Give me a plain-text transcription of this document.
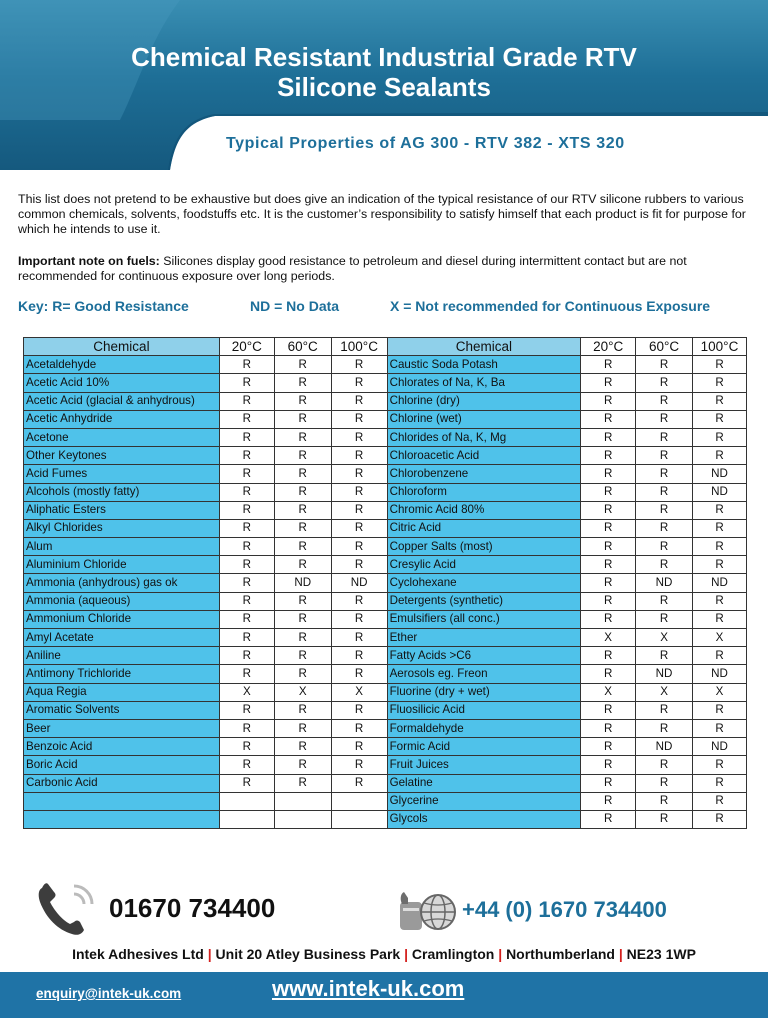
Chemical Resistant Industrial Grade RTV
Silicone Sealants
Typical Properties of AG 300 - RTV 382 - XTS 320

This list does not pretend to be exhaustive but does give an indication of the typical resistance of our RTV silicone rubbers to various common chemicals, solvents, foodstuffs etc. It is the customer’s responsibility to satisfy himself that each product is fit for purpose for which he intends to use it.

Important note on fuels: Silicones display good resistance to petroleum and diesel during intermittent contact but are not recommended for continuous exposure over long periods.

Key: R= Good Resistance	ND = No Data	X = Not recommended for Continuous Exposure
Chemical	20°C	60°C	100°C	Chemical	20°C	60°C	100°C
Acetaldehyde	R	R	R	Caustic Soda Potash	R	R	R
Acetic Acid 10%	R	R	R	Chlorates of Na, K, Ba	R	R	R
Acetic Acid (glacial & anhydrous)	R	R	R	Chlorine (dry)	R	R	R
Acetic Anhydride	R	R	R	Chlorine (wet)	R	R	R
Acetone	R	R	R	Chlorides of Na, K, Mg	R	R	R
Other Keytones	R	R	R	Chloroacetic Acid	R	R	R
Acid Fumes	R	R	R	Chlorobenzene	R	R	ND
Alcohols (mostly fatty)	R	R	R	Chloroform	R	R	ND
Aliphatic Esters	R	R	R	Chromic Acid 80%	R	R	R
Alkyl Chlorides	R	R	R	Citric Acid	R	R	R
Alum	R	R	R	Copper Salts (most)	R	R	R
Aluminium Chloride	R	R	R	Cresylic Acid	R	R	R
Ammonia (anhydrous) gas ok	R	ND	ND	Cyclohexane	R	ND	ND
Ammonia (aqueous)	R	R	R	Detergents (synthetic)	R	R	R
Ammonium Chloride	R	R	R	Emulsifiers (all conc.)	R	R	R
Amyl Acetate	R	R	R	Ether	X	X	X
Aniline	R	R	R	Fatty Acids >C6	R	R	R
Antimony Trichloride	R	R	R	Aerosols eg. Freon	R	ND	ND
Aqua Regia	X	X	X	Fluorine (dry + wet)	X	X	X
Aromatic Solvents	R	R	R	Fluosilicic Acid	R	R	R
Beer	R	R	R	Formaldehyde	R	R	R
Benzoic Acid	R	R	R	Formic Acid	R	ND	ND
Boric Acid	R	R	R	Fruit Juices	R	R	R
Carbonic Acid	R	R	R	Gelatine	R	R	R
				Glycerine	R	R	R
				Glycols	R	R	R
01670 734400	+44 (0) 1670 734400
Intek Adhesives Ltd | Unit 20 Atley Business Park | Cramlington | Northumberland | NE23 1WP
enquiry@intek-uk.com	www.intek-uk.com
